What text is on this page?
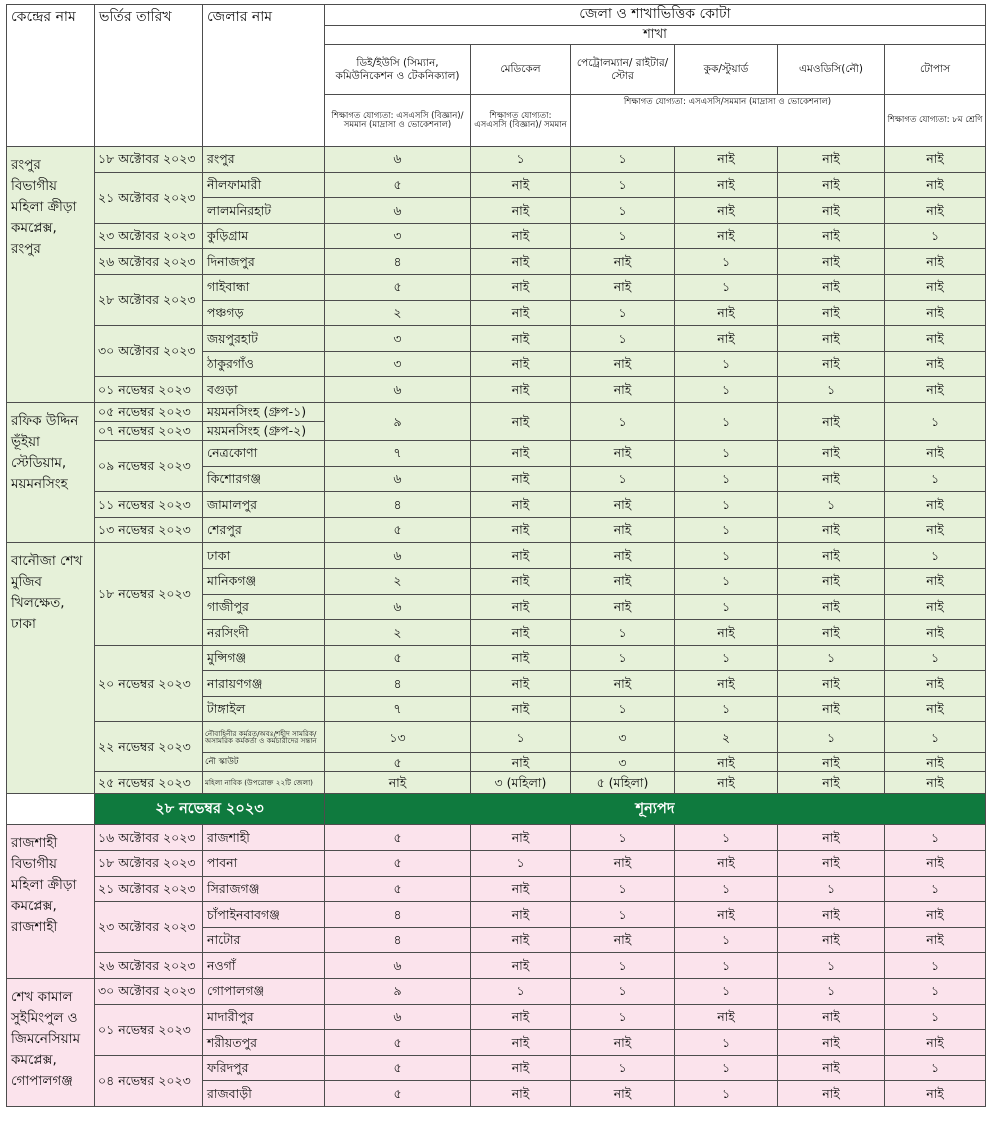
কেন্দ্রের নাম	ভর্তির তারিখ	জেলার নাম	জেলা ও শাখাভিত্তিক কোটা					
			শাখা					
			ডিই/ইউসি (সিম্যান, কমিউনিকেশন ও টেকনিক্যাল)	মেডিকেল	পেট্রোলম্যান/ রাইটার/স্টোর	কুক/স্টুয়ার্ড	এমওডিসি(নৌ)	টোপাস
			শিক্ষাগত যোগ্যতা: এসএসসি (বিজ্ঞান)/সমমান (মাদ্রাসা ও ভোকেশনাল)	শিক্ষাগত যোগ্যতা: এসএসসি (বিজ্ঞান)/ সমমান	শিক্ষাগত যোগ্যতা: এসএসসি/সমমান (মাদ্রাসা ও ভোকেশনাল)			শিক্ষাগত যোগ্যতা: ৮ম শ্রেণি
রংপুর বিভাগীয় মহিলা ক্রীড়া কমপ্লেক্স, রংপুর	১৮ অক্টোবর ২০২৩	রংপুর	৬	১	১	নাই	নাই	নাই
	২১ অক্টোবর ২০২৩	নীলফামারী	৫	নাই	১	নাই	নাই	নাই
		লালমনিরহাট	৬	নাই	১	নাই	নাই	নাই
	২৩ অক্টোবর ২০২৩	কুড়িগ্রাম	৩	নাই	১	নাই	নাই	১
	২৬ অক্টোবর ২০২৩	দিনাজপুর	৪	নাই	নাই	১	নাই	নাই
	২৮ অক্টোবর ২০২৩	গাইবান্ধা	৫	নাই	নাই	১	নাই	নাই
		পঞ্চগড়	২	নাই	১	নাই	নাই	নাই
	৩০ অক্টোবর ২০২৩	জয়পুরহাট	৩	নাই	১	নাই	নাই	নাই
		ঠাকুরগাঁও	৩	নাই	নাই	১	নাই	নাই
	০১ নভেম্বর ২০২৩	বগুড়া	৬	নাই	নাই	১	১	নাই
রফিক উদ্দিন ভূঁইয়া স্টেডিয়াম, ময়মনসিংহ	০৫ নভেম্বর ২০২৩	ময়মনসিংহ (গ্রুপ-১)	৯	নাই	১	১	নাই	১
	০৭ নভেম্বর ২০২৩	ময়মনসিংহ (গ্রুপ-২)						
	০৯ নভেম্বর ২০২৩	নেত্রকোণা	৭	নাই	নাই	১	নাই	নাই
		কিশোরগঞ্জ	৬	নাই	১	১	নাই	১
	১১ নভেম্বর ২০২৩	জামালপুর	৪	নাই	নাই	১	১	নাই
	১৩ নভেম্বর ২০২৩	শেরপুর	৫	নাই	নাই	১	নাই	নাই
বানৌজা শেখ মুজিব খিলক্ষেত, ঢাকা	১৮ নভেম্বর ২০২৩	ঢাকা	৬	নাই	নাই	১	নাই	১
		মানিকগঞ্জ	২	নাই	নাই	১	নাই	নাই
		গাজীপুর	৬	নাই	নাই	১	নাই	নাই
		নরসিংদী	২	নাই	১	নাই	নাই	নাই
	২০ নভেম্বর ২০২৩	মুন্সিগঞ্জ	৫	নাই	১	১	১	১
		নারায়ণগঞ্জ	৪	নাই	নাই	নাই	নাই	নাই
		টাঙ্গাইল	৭	নাই	১	১	নাই	নাই
	২২ নভেম্বর ২০২৩	নৌবাহিনীর কর্মরত/অবঃ/শহীদ সামরিক/ অসামরিক কর্মকর্তা ও কর্মচারীদের সন্তান	১৩	১	৩	২	১	১
		নৌ স্কাউট	৫	নাই	৩	নাই	নাই	নাই
	২৫ নভেম্বর ২০২৩	মহিলা নাবিক (উপরোক্ত ২২টি জেলা)	নাই	৩ (মহিলা)	৫ (মহিলা)	নাই	নাই	নাই
	২৮ নভেম্বর ২০২৩		শূন্যপদ					
রাজশাহী বিভাগীয় মহিলা ক্রীড়া কমপ্লেক্স, রাজশাহী	১৬ অক্টোবর ২০২৩	রাজশাহী	৫	নাই	১	১	নাই	১
	১৮ অক্টোবর ২০২৩	পাবনা	৫	১	নাই	নাই	নাই	নাই
	২১ অক্টোবর ২০২৩	সিরাজগঞ্জ	৫	নাই	১	১	১	১
	২৩ অক্টোবর ২০২৩	চাঁপাইনবাবগঞ্জ	৪	নাই	১	নাই	নাই	নাই
		নাটোর	৪	নাই	নাই	১	নাই	নাই
	২৬ অক্টোবর ২০২৩	নওগাঁ	৬	নাই	১	১	১	১
শেখ কামাল সুইমিংপুল ও জিমনেসিয়াম কমপ্লেক্স, গোপালগঞ্জ	৩০ অক্টোবর ২০২৩	গোপালগঞ্জ	৯	১	১	১	১	১
	০১ নভেম্বর ২০২৩	মাদারীপুর	৬	নাই	১	নাই	নাই	১
		শরীয়তপুর	৫	নাই	নাই	১	নাই	নাই
	০৪ নভেম্বর ২০২৩	ফরিদপুর	৫	নাই	১	১	নাই	১
		রাজবাড়ী	৫	নাই	নাই	১	নাই	নাই
